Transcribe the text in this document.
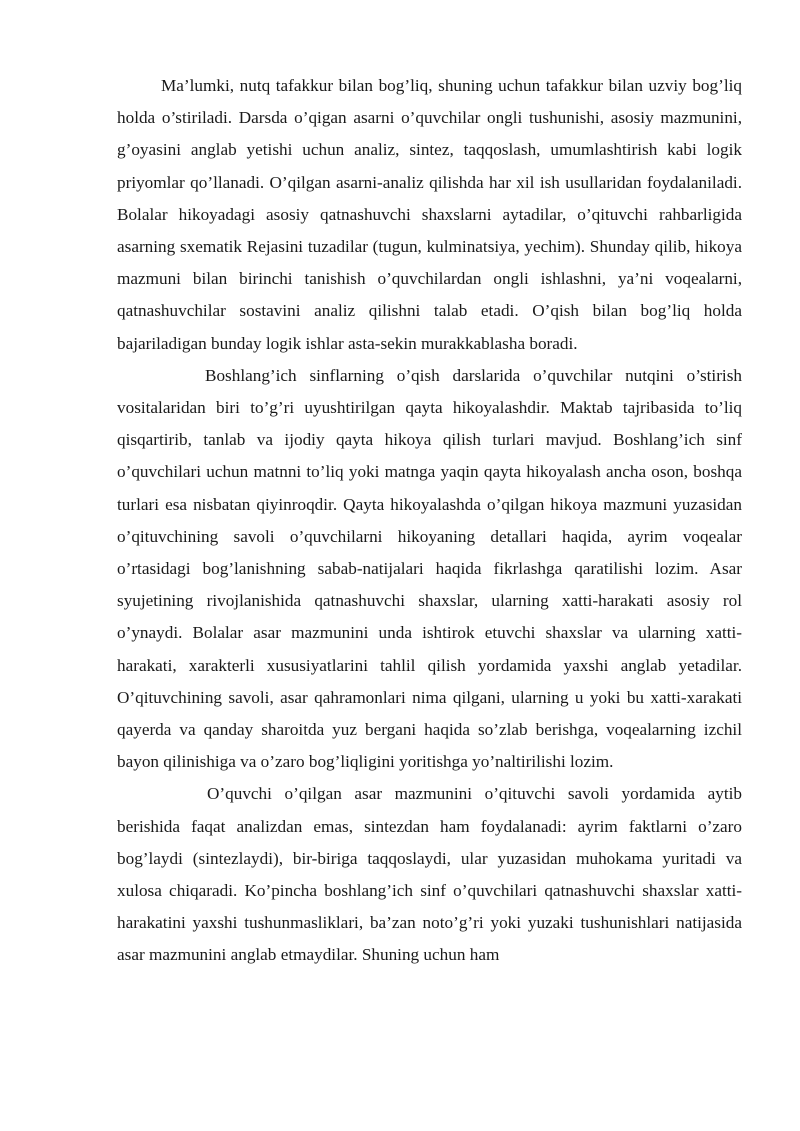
Ma’lumki, nutq tafakkur bilan bog’liq, shuning uchun tafakkur bilan uzviy bog’liq holda o’stiriladi. Darsda o’qigan asarni o’quvchilar ongli tushunishi, asosiy mazmunini, g’oyasini anglab yetishi uchun analiz, sintez, taqqoslash, umumlashtirish kabi logik priyomlar qo’llanadi. O’qilgan asarni-analiz qilishda har xil ish usullaridan foydalaniladi. Bolalar hikoyadagi asosiy qatnashuvchi shaxslarni aytadilar, o’qituvchi rahbarligida asarning sxematik Rejasini tuzadilar (tugun, kulminatsiya, yechim). Shunday qilib, hikoya mazmuni bilan birinchi tanishish o’quvchilardan ongli ishlashni, ya’ni voqealarni, qatnashuvchilar sostavini analiz qilishni talab etadi. O’qish bilan bog’liq holda bajariladigan bunday logik ishlar asta-sekin murakkablasha boradi.

Boshlang’ich sinflarning o’qish darslarida o’quvchilar nutqini o’stirish vositalaridan biri to’g’ri uyushtirilgan qayta hikoyalashdir. Maktab tajribasida to’liq qisqartirib, tanlab va ijodiy qayta hikoya qilish turlari mavjud. Boshlang’ich sinf o’quvchilari uchun matnni to’liq yoki matnga yaqin qayta hikoyalash ancha oson, boshqa turlari esa nisbatan qiyinroqdir. Qayta hikoyalashda o’qilgan hikoya mazmuni yuzasidan o’qituvchining savoli o’quvchilarni hikoyaning detallari haqida, ayrim voqealar o’rtasidagi bog’lanishning sabab-natijalari haqida fikrlashga qaratilishi lozim. Asar syujetining rivojlanishida qatnashuvchi shaxslar, ularning xatti-harakati asosiy rol o’ynaydi. Bolalar asar mazmunini unda ishtirok etuvchi shaxslar va ularning xatti-harakati, xarakterli xususiyatlarini tahlil qilish yordamida yaxshi anglab yetadilar. O’qituvchining savoli, asar qahramonlari nima qilgani, ularning u yoki bu xatti-xarakati qayerda va qanday sharoitda yuz bergani haqida so’zlab berishga, voqealarning izchil bayon qilinishiga va o’zaro bog’liqligini yoritishga yo’naltirilishi lozim.

O’quvchi o’qilgan asar mazmunini o’qituvchi savoli yordamida aytib berishida faqat analizdan emas, sintezdan ham foydalanadi: ayrim faktlarni o’zaro bog’laydi (sintezlaydi), bir-biriga taqqoslaydi, ular yuzasidan muhokama yuritadi va xulosa chiqaradi. Ko’pincha boshlang’ich sinf o’quvchilari qatnashuvchi shaxslar xatti-harakatini yaxshi tushunmasliklari, ba’zan noto’g’ri yoki yuzaki tushunishlari natijasida asar mazmunini anglab etmaydilar. Shuning uchun ham
